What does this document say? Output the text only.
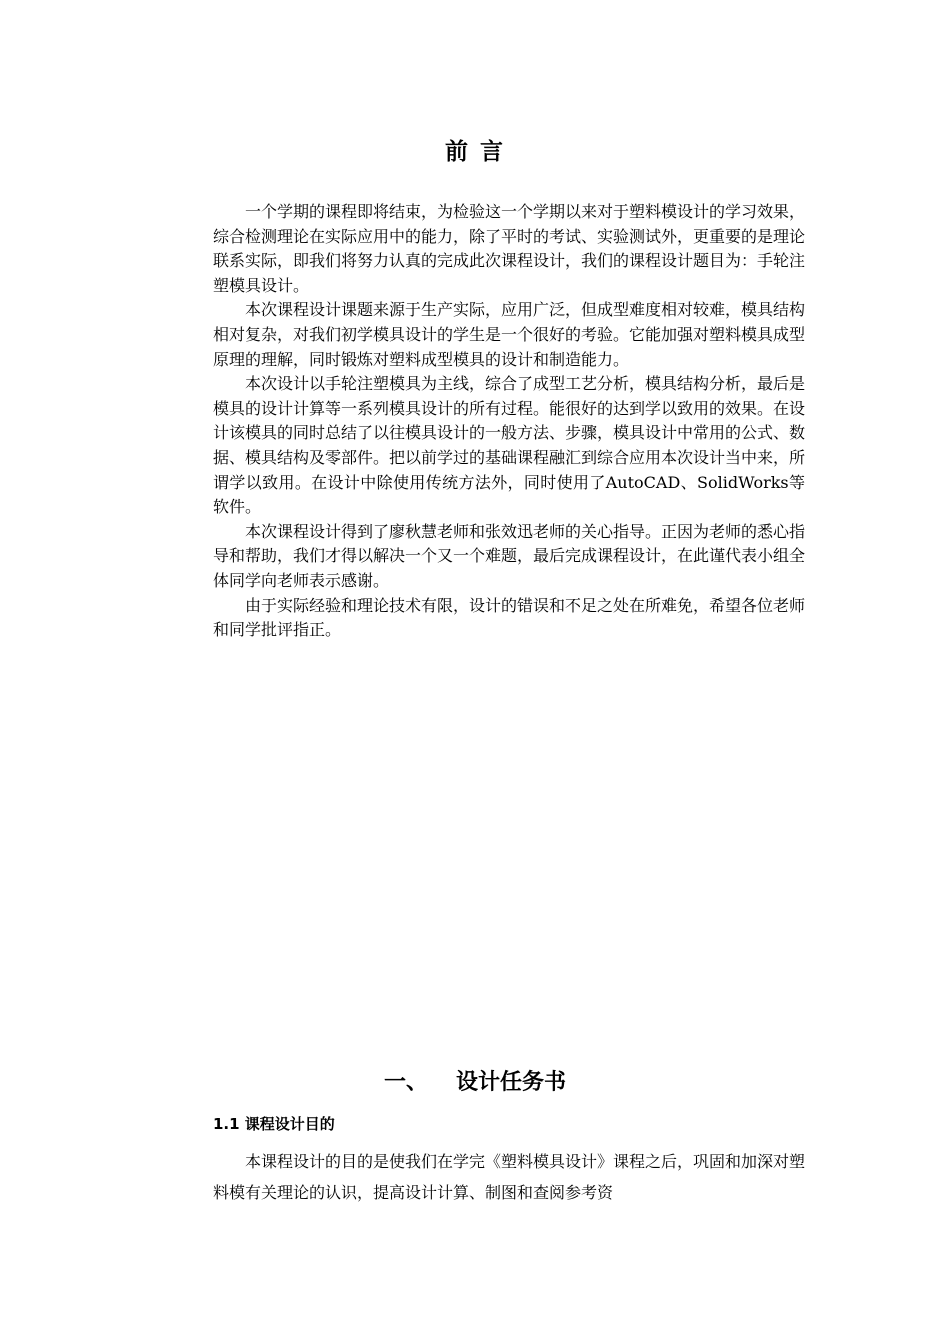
前 言

一个学期的课程即将结束，为检验这一个学期以来对于塑料模设计的学习效果，综合检测理论在实际应用中的能力，除了平时的考试、实验测试外，更重要的是理论联系实际，即我们将努力认真的完成此次课程设计，我们的课程设计题目为：手轮注塑模具设计。

本次课程设计课题来源于生产实际，应用广泛，但成型难度相对较难，模具结构相对复杂，对我们初学模具设计的学生是一个很好的考验。它能加强对塑料模具成型原理的理解，同时锻炼对塑料成型模具的设计和制造能力。

本次设计以手轮注塑模具为主线，综合了成型工艺分析，模具结构分析，最后是模具的设计计算等一系列模具设计的所有过程。能很好的达到学以致用的效果。在设计该模具的同时总结了以往模具设计的一般方法、步骤，模具设计中常用的公式、数据、模具结构及零部件。把以前学过的基础课程融汇到综合应用本次设计当中来，所谓学以致用。在设计中除使用传统方法外，同时使用了AutoCAD、SolidWorks等软件。

本次课程设计得到了廖秋慧老师和张效迅老师的关心指导。正因为老师的悉心指导和帮助，我们才得以解决一个又一个难题，最后完成课程设计，在此谨代表小组全体同学向老师表示感谢。

由于实际经验和理论技术有限，设计的错误和不足之处在所难免，希望各位老师和同学批评指正。

一、 设计任务书
1.1 课程设计目的

本课程设计的目的是使我们在学完《塑料模具设计》课程之后，巩固和加深对塑料模有关理论的认识，提高设计计算、制图和查阅参考资
